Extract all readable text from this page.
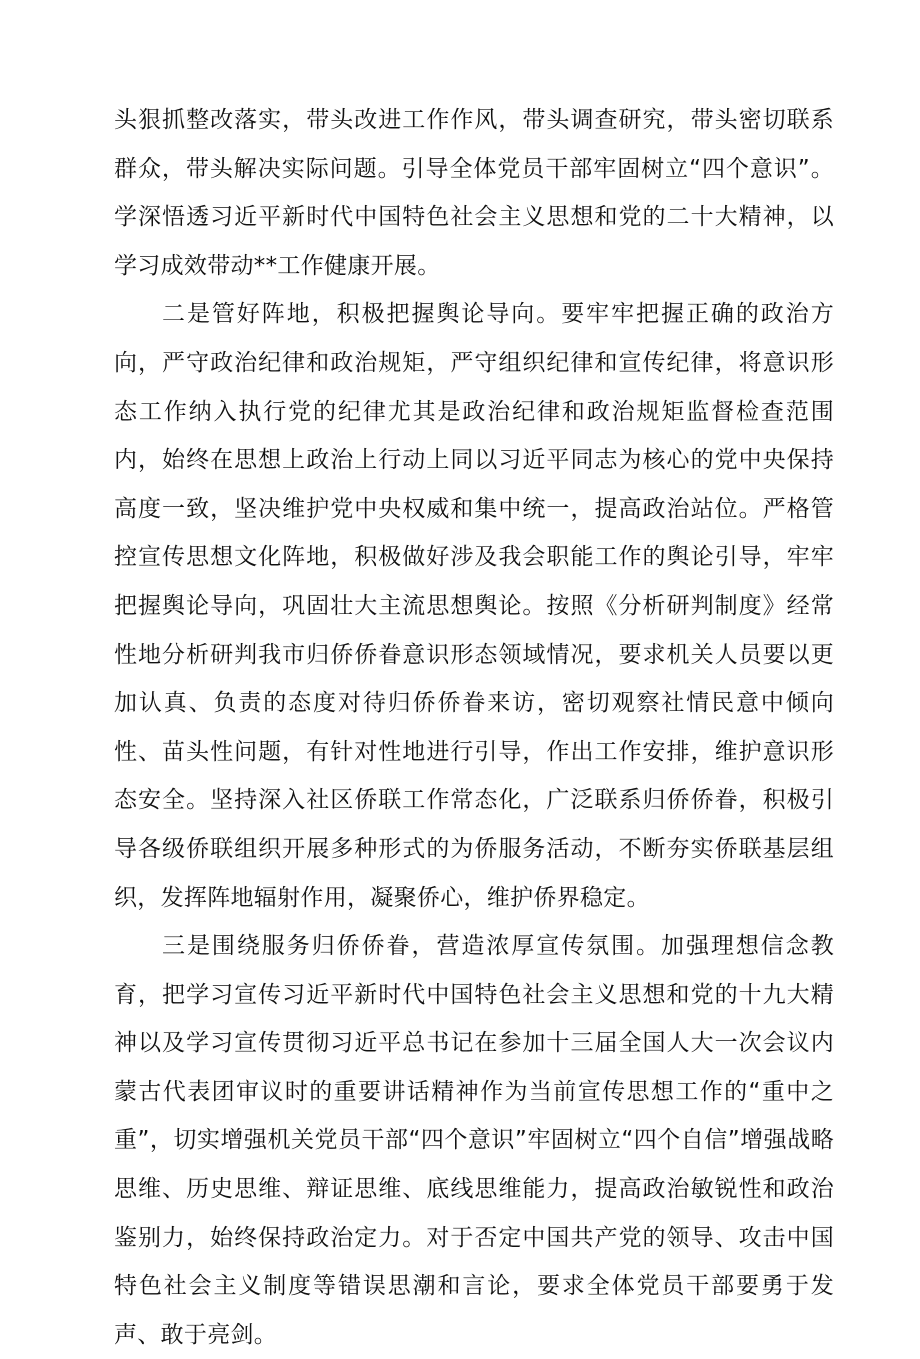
头狠抓整改落实，带头改进工作作风，带头调查研究，带头密切联系群众，带头解决实际问题。引导全体党员干部牢固树立“四个意识”。学深悟透习近平新时代中国特色社会主义思想和党的二十大精神，以学习成效带动**工作健康开展。

二是管好阵地，积极把握舆论导向。要牢牢把握正确的政治方向，严守政治纪律和政治规矩，严守组织纪律和宣传纪律，将意识形态工作纳入执行党的纪律尤其是政治纪律和政治规矩监督检查范围内，始终在思想上政治上行动上同以习近平同志为核心的党中央保持高度一致，坚决维护党中央权威和集中统一，提高政治站位。严格管控宣传思想文化阵地，积极做好涉及我会职能工作的舆论引导，牢牢把握舆论导向，巩固壮大主流思想舆论。按照《分析研判制度》经常性地分析研判我市归侨侨眷意识形态领域情况，要求机关人员要以更加认真、负责的态度对待归侨侨眷来访，密切观察社情民意中倾向性、苗头性问题，有针对性地进行引导，作出工作安排，维护意识形态安全。坚持深入社区侨联工作常态化，广泛联系归侨侨眷，积极引导各级侨联组织开展多种形式的为侨服务活动，不断夯实侨联基层组织，发挥阵地辐射作用，凝聚侨心，维护侨界稳定。

三是围绕服务归侨侨眷，营造浓厚宣传氛围。加强理想信念教育，把学习宣传习近平新时代中国特色社会主义思想和党的十九大精神以及学习宣传贯彻习近平总书记在参加十三届全国人大一次会议内蒙古代表团审议时的重要讲话精神作为当前宣传思想工作的“重中之重”，切实增强机关党员干部“四个意识”牢固树立“四个自信”增强战略思维、历史思维、辩证思维、底线思维能力，提高政治敏锐性和政治鉴别力，始终保持政治定力。对于否定中国共产党的领导、攻击中国特色社会主义制度等错误思潮和言论，要求全体党员干部要勇于发声、敢于亮剑。
